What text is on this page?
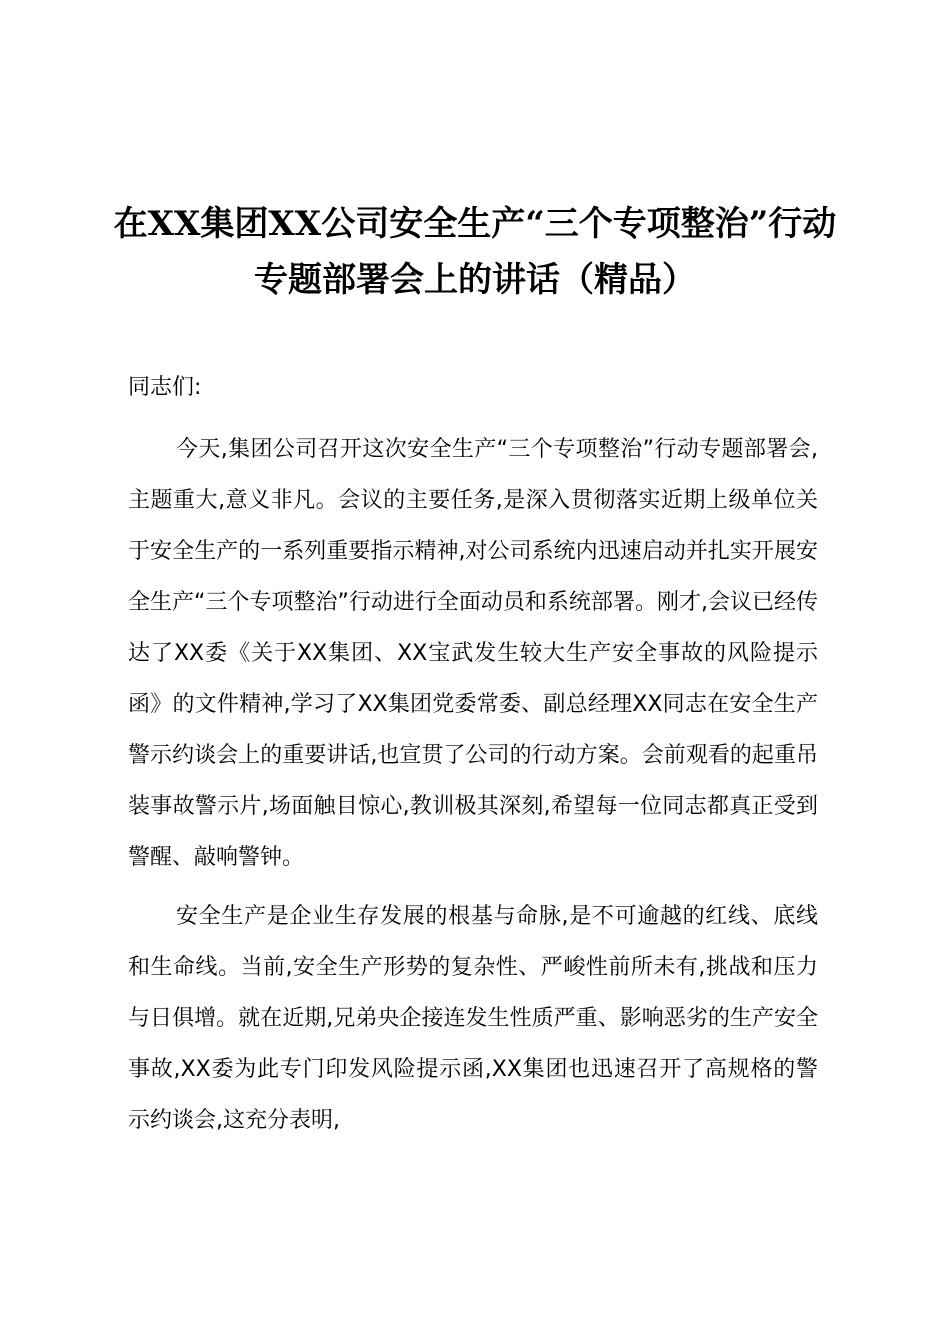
在XX集团XX公司安全生产“三个专项整治”行动专题部署会上的讲话（精品）

同志们:

今天,集团公司召开这次安全生产“三个专项整治”行动专题部署会,主题重大,意义非凡。会议的主要任务,是深入贯彻落实近期上级单位关于安全生产的一系列重要指示精神,对公司系统内迅速启动并扎实开展安全生产“三个专项整治”行动进行全面动员和系统部署。刚才,会议已经传达了XX委《关于XX集团、XX宝武发生较大生产安全事故的风险提示函》的文件精神,学习了XX集团党委常委、副总经理XX同志在安全生产警示约谈会上的重要讲话,也宣贯了公司的行动方案。会前观看的起重吊装事故警示片,场面触目惊心,教训极其深刻,希望每一位同志都真正受到警醒、敲响警钟。

安全生产是企业生存发展的根基与命脉,是不可逾越的红线、底线和生命线。当前,安全生产形势的复杂性、严峻性前所未有,挑战和压力与日俱增。就在近期,兄弟央企接连发生性质严重、影响恶劣的生产安全事故,XX委为此专门印发风险提示函,XX集团也迅速召开了高规格的警示约谈会,这充分表明,
